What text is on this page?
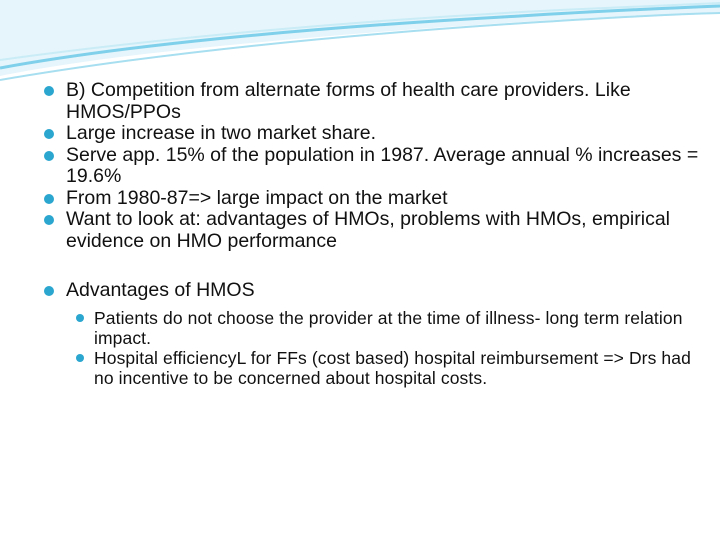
B) Competition from alternate forms of health care providers. Like HMOS/PPOs
Large increase in two market share.
Serve app. 15% of the population in 1987. Average annual % increases = 19.6%
From 1980-87=> large impact on the market
Want to look at: advantages of HMOs, problems with HMOs, empirical evidence on HMO performance
Advantages of HMOS
Patients do not choose the provider at the time of illness- long term relation impact.
Hospital efficiencyL for FFs (cost based) hospital reimbursement => Drs had no incentive to be concerned about hospital costs.
